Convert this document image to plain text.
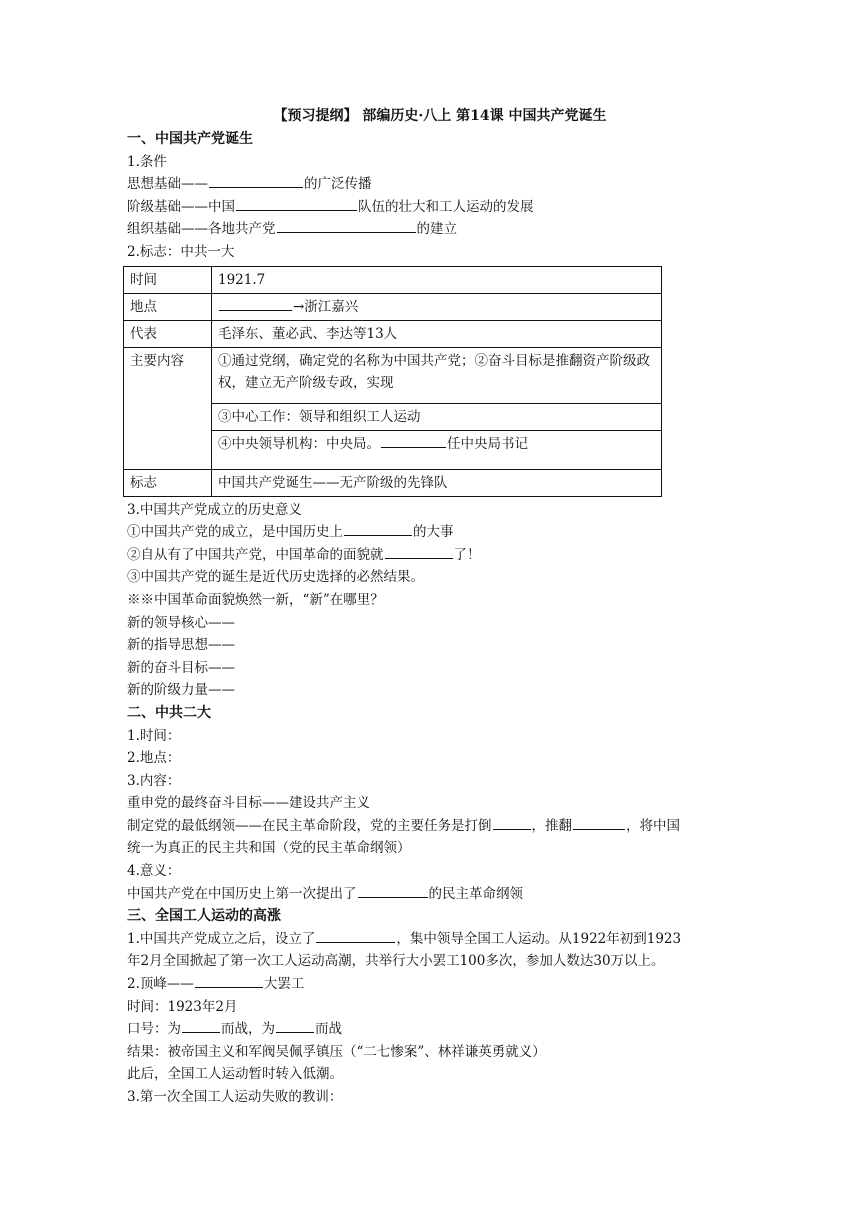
【预习提纲】 部编历史·八上 第14课 中国共产党诞生
一、中国共产党诞生
1.条件
思想基础——	的广泛传播
阶级基础——中国	队伍的壮大和工人运动的发展
组织基础——各地共产党	的建立
2.标志：中共一大
时间	1921.7
地点	→浙江嘉兴
代表	毛泽东、董必武、李达等13人
主要内容	①通过党纲，确定党的名称为中国共产党；②奋斗目标是推翻资产阶级政权，建立无产阶级专政，实现
	③中心工作：领导和组织工人运动
	④中央领导机构：中央局。 任中央局书记
标志	中国共产党诞生——无产阶级的先锋队
3.中国共产党成立的历史意义
①中国共产党的成立，是中国历史上	的大事
②自从有了中国共产党，中国革命的面貌就	了！
③中国共产党的诞生是近代历史选择的必然结果。
※※中国革命面貌焕然一新，“新”在哪里？
新的领导核心——
新的指导思想——
新的奋斗目标——
新的阶级力量——
二、中共二大
1.时间：
2.地点：
3.内容：
重申党的最终奋斗目标——建设共产主义
制定党的最低纲领——在民主革命阶段，党的主要任务是打倒	，推翻	，将中国
统一为真正的民主共和国（党的民主革命纲领）
4.意义：
中国共产党在中国历史上第一次提出了	的民主革命纲领
三、全国工人运动的高涨
1.中国共产党成立之后，设立了	，集中领导全国工人运动。从1922年初到1923
年2月全国掀起了第一次工人运动高潮，共举行大小罢工100多次，参加人数达30万以上。
2.顶峰——	大罢工
时间：1923年2月
口号：为	而战，为	而战
结果：被帝国主义和军阀吴佩孚镇压（“二七惨案”、林祥谦英勇就义）
此后，全国工人运动暂时转入低潮。
3.第一次全国工人运动失败的教训：
